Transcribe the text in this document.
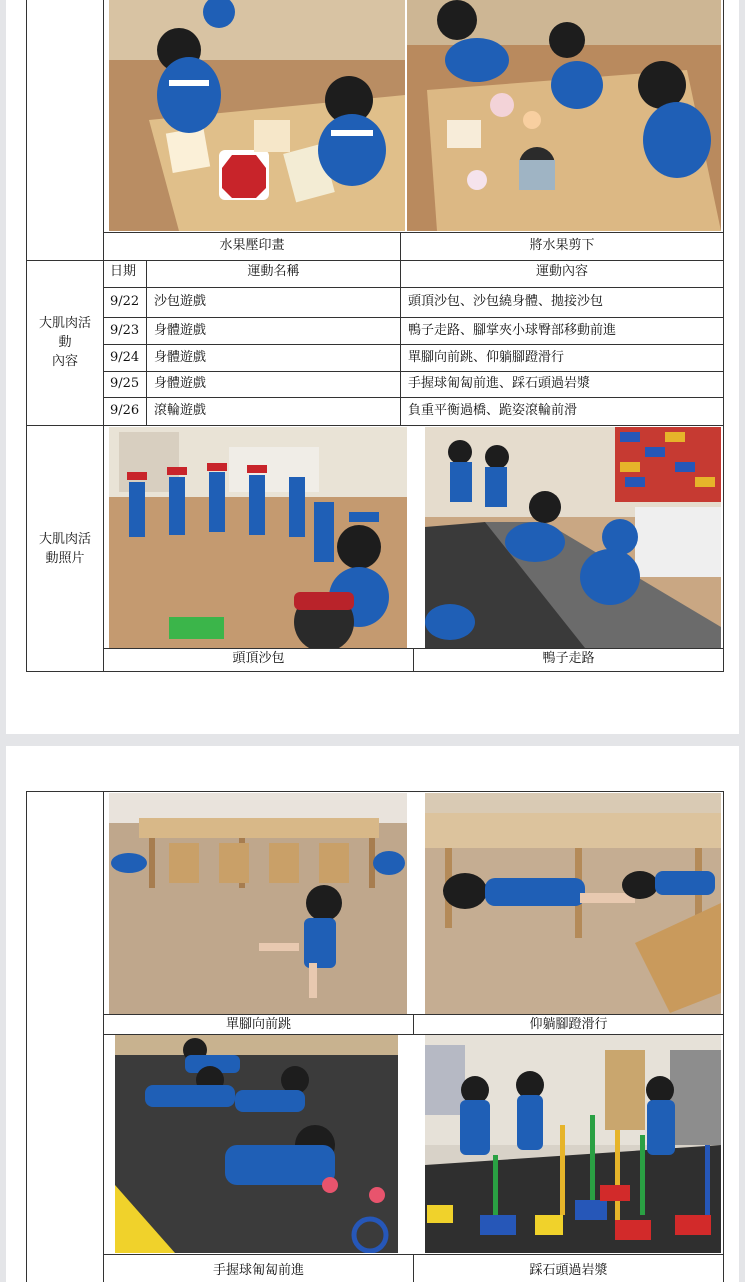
水果壓印畫	將水果剪下
大肌肉活
動
內容
日期	運動名稱	運動內容
9/22 沙包遊戲	頭頂沙包、沙包繞身體、拋接沙包
9/23 身體遊戲	鴨子走路、腳掌夾小球臀部移動前進
9/24 身體遊戲	單腳向前跳、仰躺腳蹬滑行
9/25 身體遊戲	手握球匍匐前進、踩石頭過岩漿
9/26 滾輪遊戲	負重平衡過橋、跪姿滾輪前滑
大肌肉活
動照片
頭頂沙包	鴨子走路
單腳向前跳	仰躺腳蹬滑行
手握球匍匐前進	踩石頭過岩漿
